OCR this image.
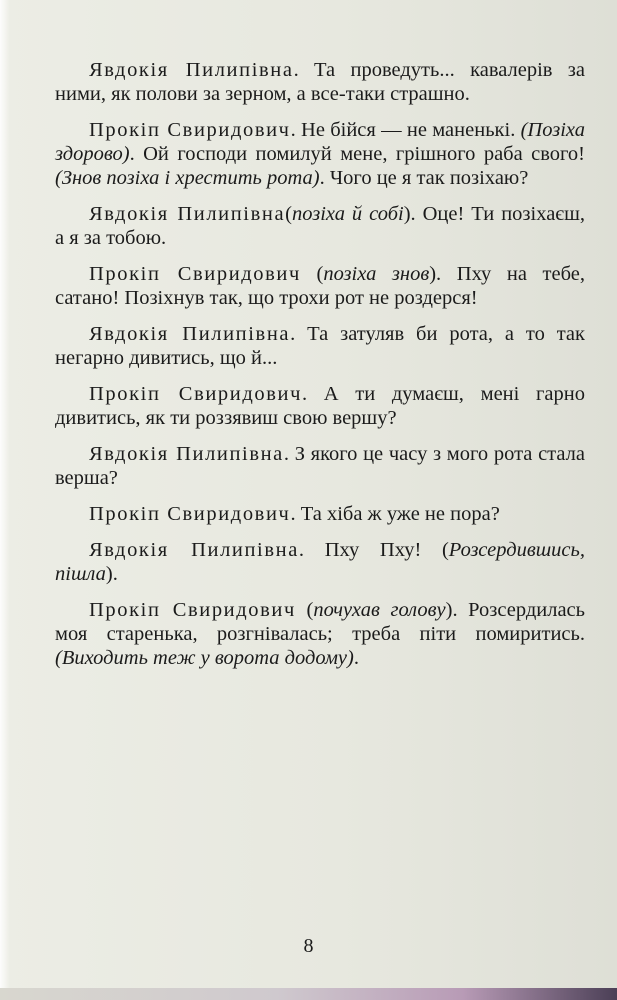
Явдокія Пилипівна. Та проведуть... кавалерів за ними, як полови за зерном, а все-таки страшно.

Прокіп Свиридович. Не бійся — не маненькі. (Позіха здорово). Ой господи помилуй мене, грішного раба свого! (Знов позіха і хрестить рота). Чого це я так позіхаю?

Явдокія Пилипівна(позіха й собі). Оце! Ти позіхаєш, а я за тобою.

Прокіп Свиридович (позіха знов). Пху на тебе, сатано! Позіхнув так, що трохи рот не роздерся!

Явдокія Пилипівна. Та затуляв би рота, а то так негарно дивитись, що й...

Прокіп Свиридович. А ти думаєш, мені гарно дивитись, як ти роззявиш свою вершу?

Явдокія Пилипівна. З якого це часу з мого рота стала верша?

Прокіп Свиридович. Та хіба ж уже не пора?

Явдокія Пилипівна. Пху Пху! (Розсердившись, пішла).

Прокіп Свиридович (почухав голову). Розсердилась моя старенька, розгнівалась; треба піти помиритись. (Виходить теж у ворота додому).

8
